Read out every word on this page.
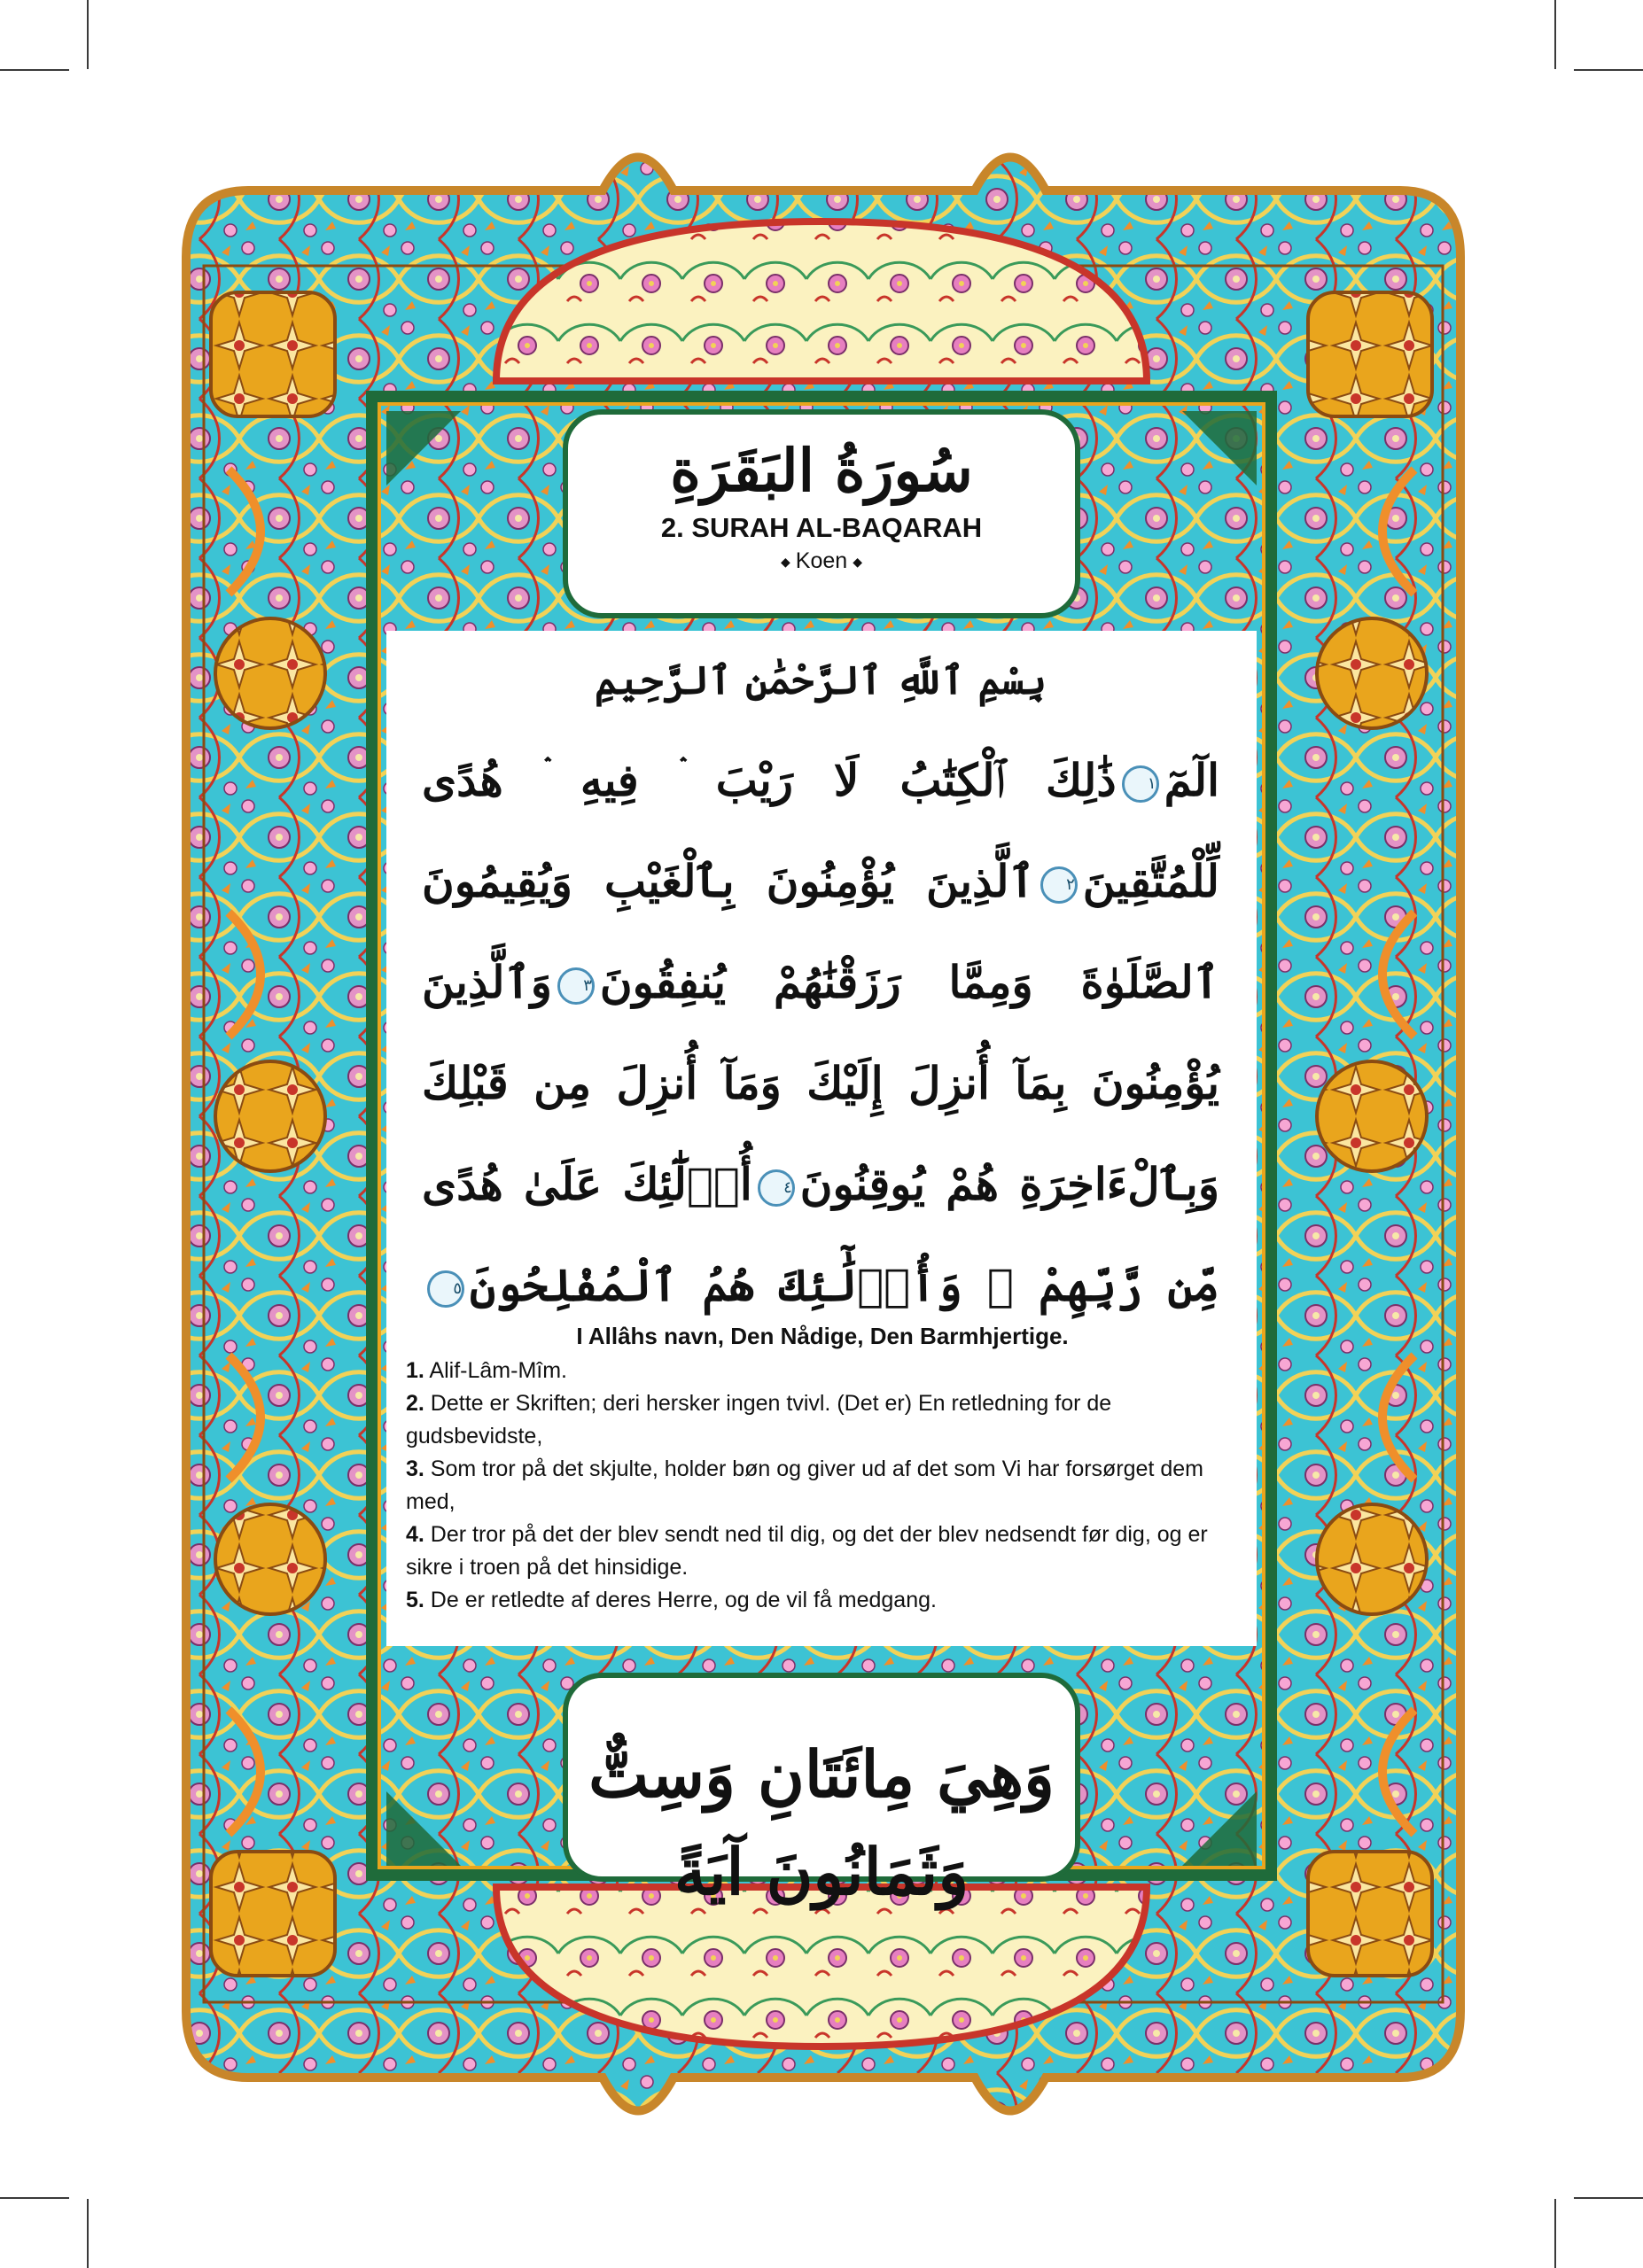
سُورَةُ البَقَرَةِ
2. SURAH AL-BAQARAH
◆ Koen ◆
بِسْمِ ٱللَّهِ ٱلرَّحْمَٰنِ ٱلرَّحِيمِ
الٓمٓ١ذَٰلِكَ ٱلْكِتَٰبُ لَا رَيْبَ ۛ فِيهِ ۛ هُدًى
لِّلْمُتَّقِينَ٢ٱلَّذِينَ يُؤْمِنُونَ بِٱلْغَيْبِ وَيُقِيمُونَ
ٱلصَّلَوٰةَ وَمِمَّا رَزَقْنَٰهُمْ يُنفِقُونَ٣وَٱلَّذِينَ
يُؤْمِنُونَ بِمَآ أُنزِلَ إِلَيْكَ وَمَآ أُنزِلَ مِن قَبْلِكَ
وَبِٱلْءَاخِرَةِ هُمْ يُوقِنُونَ٤أُو۟لَٰٓئِكَ عَلَىٰ هُدًى
مِّن رَّبِّهِمْ ۖ وَأُو۟لَٰٓئِكَ هُمُ ٱلْمُفْلِحُونَ٥
I Allâhs navn, Den Nådige, Den Barmhjertige.
1. Alif-Lâm-Mîm.
2. Dette er Skriften; deri hersker ingen tvivl. (Det er) En retledning for de gudsbevidste,
3. Som tror på det skjulte, holder bøn og giver ud af det som Vi har forsørget dem med,
4. Der tror på det der blev sendt ned til dig, og det der blev nedsendt før dig, og er sikre i troen på det hinsidige.
5. De er retledte af deres Herre, og de vil få medgang.
وَهِيَ مِائَتَانِ وَسِتٌّ وَثَمَانُونَ آيَةً
